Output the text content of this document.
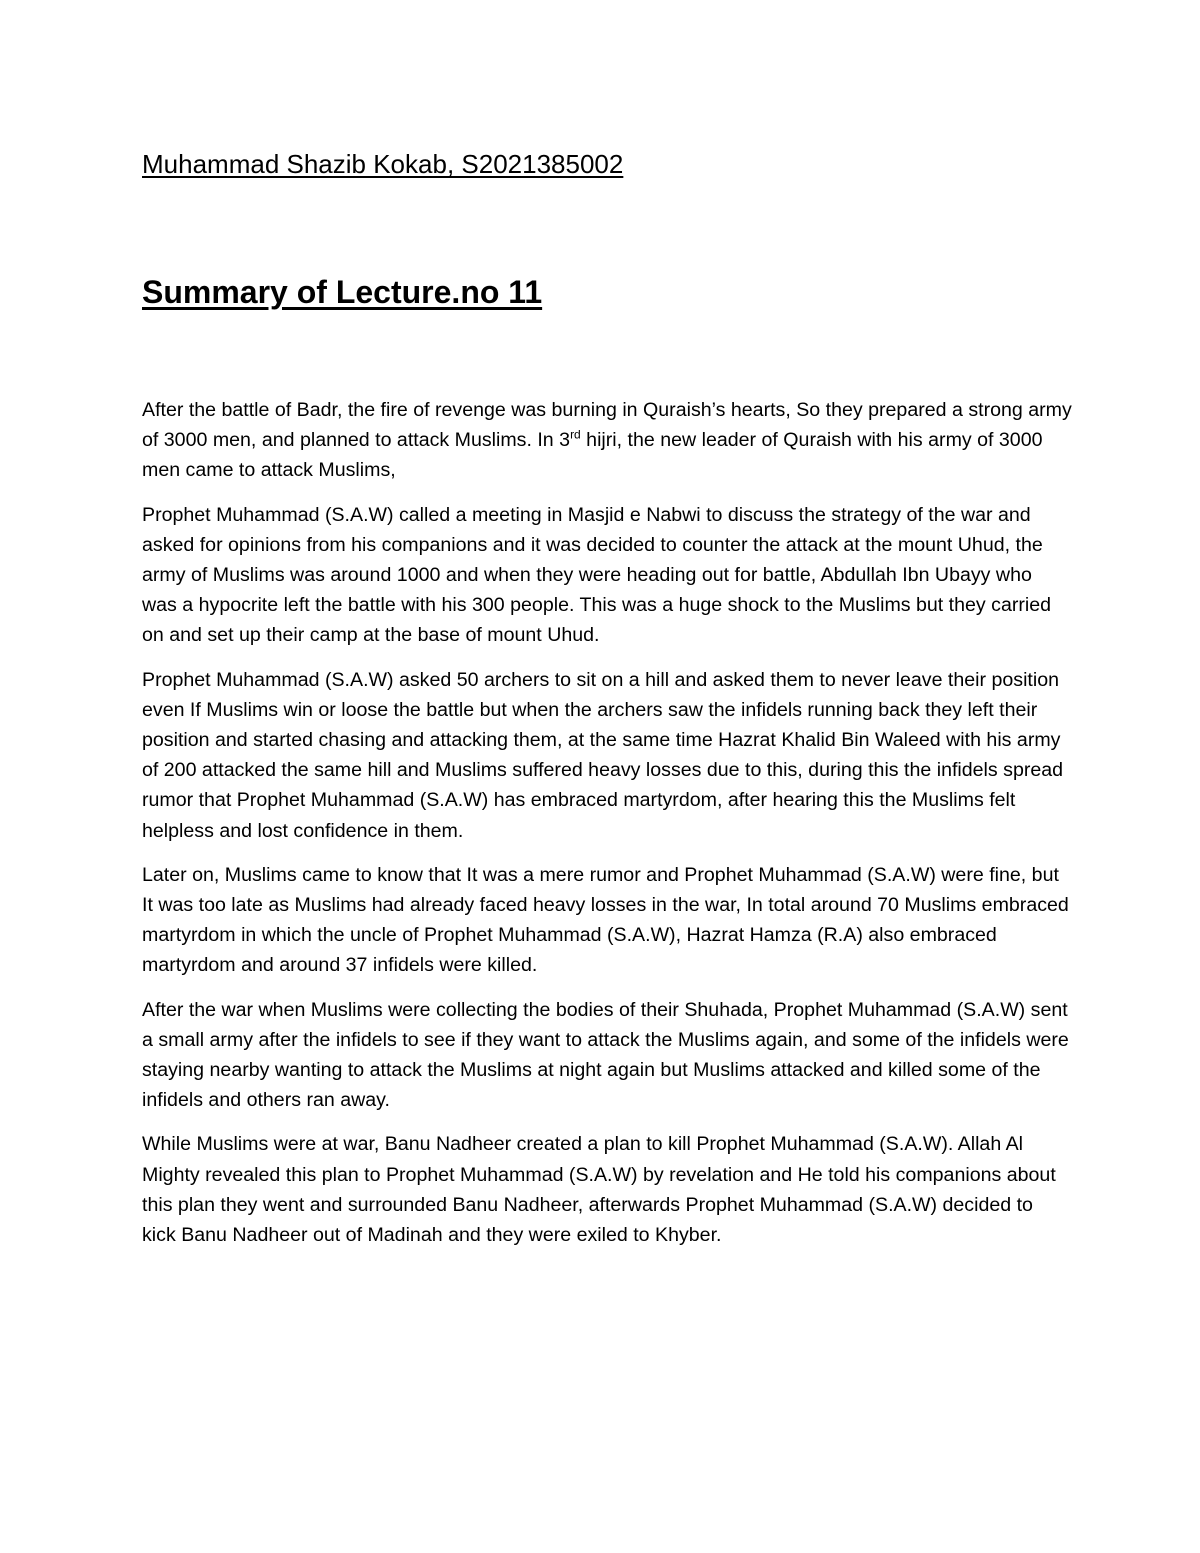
Muhammad Shazib Kokab, S2021385002
Summary of Lecture.no 11

After the battle of Badr, the fire of revenge was burning in Quraish’s hearts, So they prepared a strong army of 3000 men, and planned to attack Muslims. In 3rd hijri, the new leader of Quraish with his army of 3000 men came to attack Muslims,

Prophet Muhammad (S.A.W) called a meeting in Masjid e Nabwi to discuss the strategy of the war and asked for opinions from his companions and it was decided to counter the attack at the mount Uhud, the army of Muslims was around 1000 and when they were heading out for battle, Abdullah Ibn Ubayy who was a hypocrite left the battle with his 300 people. This was a huge shock to the Muslims but they carried on and set up their camp at the base of mount Uhud.

Prophet Muhammad (S.A.W) asked 50 archers to sit on a hill and asked them to never leave their position even If Muslims win or loose the battle but when the archers saw the infidels running back they left their position and started chasing and attacking them, at the same time Hazrat Khalid Bin Waleed with his army of 200 attacked the same hill and Muslims suffered heavy losses due to this, during this the infidels spread rumor that Prophet Muhammad (S.A.W) has embraced martyrdom, after hearing this the Muslims felt helpless and lost confidence in them.

Later on, Muslims came to know that It was a mere rumor and Prophet Muhammad (S.A.W) were fine, but It was too late as Muslims had already faced heavy losses in the war, In total around 70 Muslims embraced martyrdom in which the uncle of Prophet Muhammad (S.A.W), Hazrat Hamza (R.A) also embraced martyrdom and around 37 infidels were killed.

After the war when Muslims were collecting the bodies of their Shuhada, Prophet Muhammad (S.A.W) sent a small army after the infidels to see if they want to attack the Muslims again, and some of the infidels were staying nearby wanting to attack the Muslims at night again but Muslims attacked and killed some of the infidels and others ran away.

While Muslims were at war, Banu Nadheer created a plan to kill Prophet Muhammad (S.A.W). Allah Al Mighty revealed this plan to Prophet Muhammad (S.A.W) by revelation and He told his companions about this plan they went and surrounded Banu Nadheer, afterwards Prophet Muhammad (S.A.W) decided to kick Banu Nadheer out of Madinah and they were exiled to Khyber.
